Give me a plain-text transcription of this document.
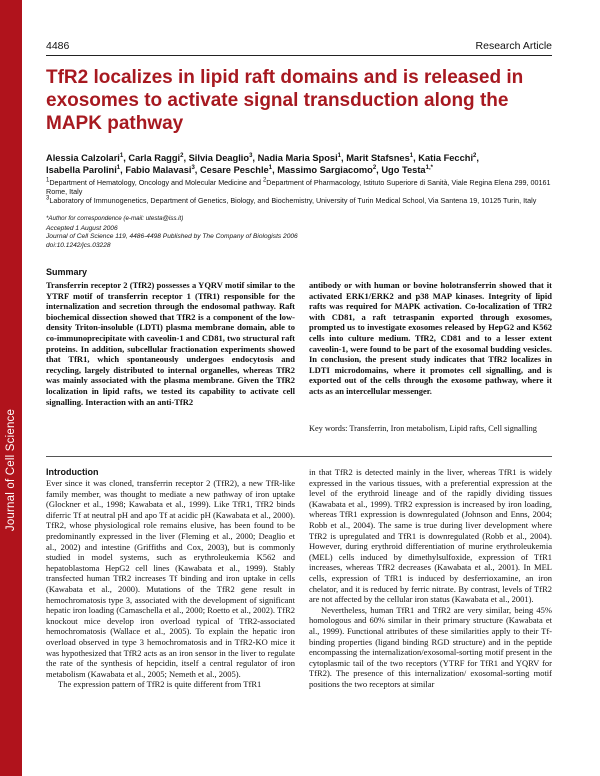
Journal of Cell Science
4486	Research Article
TfR2 localizes in lipid raft domains and is released in exosomes to activate signal transduction along the MAPK pathway
Alessia Calzolari$^1$, Carla Raggi$^2$, Silvia Deaglio$^3$, Nadia Maria Sposi$^1$, Marit Stafsnes$^1$, Katia Fecchi$^2$,
Isabella Parolini$^1$, Fabio Malavasi$^3$, Cesare Peschle$^1$, Massimo Sargiacomo$^2$, Ugo Testa$^{1,*}$
$^1$Department of Hematology, Oncology and Molecular Medicine and $^2$Department of Pharmacology, Istituto Superiore di Sanità, Viale Regina Elena 299, 00161 Rome, Italy
$^3$Laboratory of Immunogenetics, Department of Genetics, Biology, and Biochemistry, University of Turin Medical School, Via Santena 19, 10125 Turin, Italy
*Author for correspondence (e-mail: utesta@iss.it)
Accepted 1 August 2006
Journal of Cell Science 119, 4486-4498 Published by The Company of Biologists 2006
doi:10.1242/jcs.03228
Summary
Transferrin receptor 2 (TfR2) possesses a YQRV motif similar to the YTRF motif of transferrin receptor 1 (TfR1) responsible for the internalization and secretion through the endosomal pathway. Raft biochemical dissection showed that TfR2 is a component of the low-density Triton-insoluble (LDTI) plasma membrane domain, able to co-immunoprecipitate with caveolin-1 and CD81, two structural raft proteins. In addition, subcellular fractionation experiments showed that TfR1, which spontaneously undergoes endocytosis and recycling, largely distributed to internal organelles, whereas TfR2 was mainly associated with the plasma membrane. Given the TfR2 localization in lipid rafts, we tested its capability to activate cell signalling. Interaction with an anti-TfR2
antibody or with human or bovine holotransferrin showed that it activated ERK1/ERK2 and p38 MAP kinases. Integrity of lipid rafts was required for MAPK activation. Co-localization of TfR2 with CD81, a raft tetraspanin exported through exosomes, prompted us to investigate exosomes released by HepG2 and K562 cells into culture medium. TfR2, CD81 and to a lesser extent caveolin-1, were found to be part of the exosomal budding vesicles. In conclusion, the present study indicates that TfR2 localizes in LDTI microdomains, where it promotes cell signalling, and is exported out of the cells through the exosome pathway, where it acts as an intercellular messenger.
Key words: Transferrin, Iron metabolism, Lipid rafts, Cell signalling
Introduction

Ever since it was cloned, transferrin receptor 2 (TfR2), a new TfR-like family member, was thought to mediate a new pathway of iron uptake (Glockner et al., 1998; Kawabata et al., 1999). Like TfR1, TfR2 binds diferric Tf at neutral pH and apo Tf at acidic pH (Kawabata et al., 2000). TfR2, whose physiological role remains elusive, has been found to be predominantly expressed in the liver (Fleming et al., 2000; Deaglio et al., 2002) and intestine (Griffiths and Cox, 2003), but is commonly studied in model systems, such as erythroleukemia K562 and hepatoblastoma HepG2 cell lines (Kawabata et al., 1999). Stably transfected human TfR2 increases Tf binding and iron uptake in cells (Kawabata et al., 2000). Mutations of the TfR2 gene result in hemochromatosis type 3, associated with the development of significant hepatic iron loading (Camaschella et al., 2000; Roetto et al., 2002). TfR2 knockout mice develop iron overload typical of TfR2-associated hemochromatosis (Wallace et al., 2005). To explain the hepatic iron overload observed in type 3 hemochromatosis and in TfR2-KO mice it was hypothesized that TfR2 acts as an iron sensor in the liver to regulate the rate of the synthesis of hepcidin, itself a central regulator of iron metabolism (Kawabata et al., 2005; Nemeth et al., 2005).

The expression pattern of TfR2 is quite different from TfR1

in that TfR2 is detected mainly in the liver, whereas TfR1 is widely expressed in the various tissues, with a preferential expression at the level of the erythroid lineage and of the rapidly dividing tissues (Kawabata et al., 1999). TfR2 expression is increased by iron loading, whereas TfR1 expression is downregulated (Johnson and Enns, 2004; Robb et al., 2004). The same is true during liver development where TfR2 is upregulated and TfR1 is downregulated (Robb et al., 2004). However, during erythroid differentiation of murine erythroleukemia (MEL) cells induced by dimethylsulfoxide, expression of TfR1 increases, whereas TfR2 decreases (Kawabata et al., 2001). In MEL cells, expression of TfR1 is induced by desferrioxamine, an iron chelator, and it is reduced by ferric nitrate. By contrast, levels of TfR2 are not affected by the cellular iron status (Kawabata et al., 2001).

Nevertheless, human TfR1 and TfR2 are very similar, being 45% homologous and 60% similar in their primary structure (Kawabata et al., 1999). Functional attributes of these similarities apply to their Tf-binding properties (ligand binding RGD structure) and in the peptide encompassing the internalization/exosomal-sorting motif present in the cytoplasmic tail of the two receptors (YTRF for TfR1 and YQRV for TfR2). The presence of this internalization/ exosomal-sorting motif positions the two receptors at similar
